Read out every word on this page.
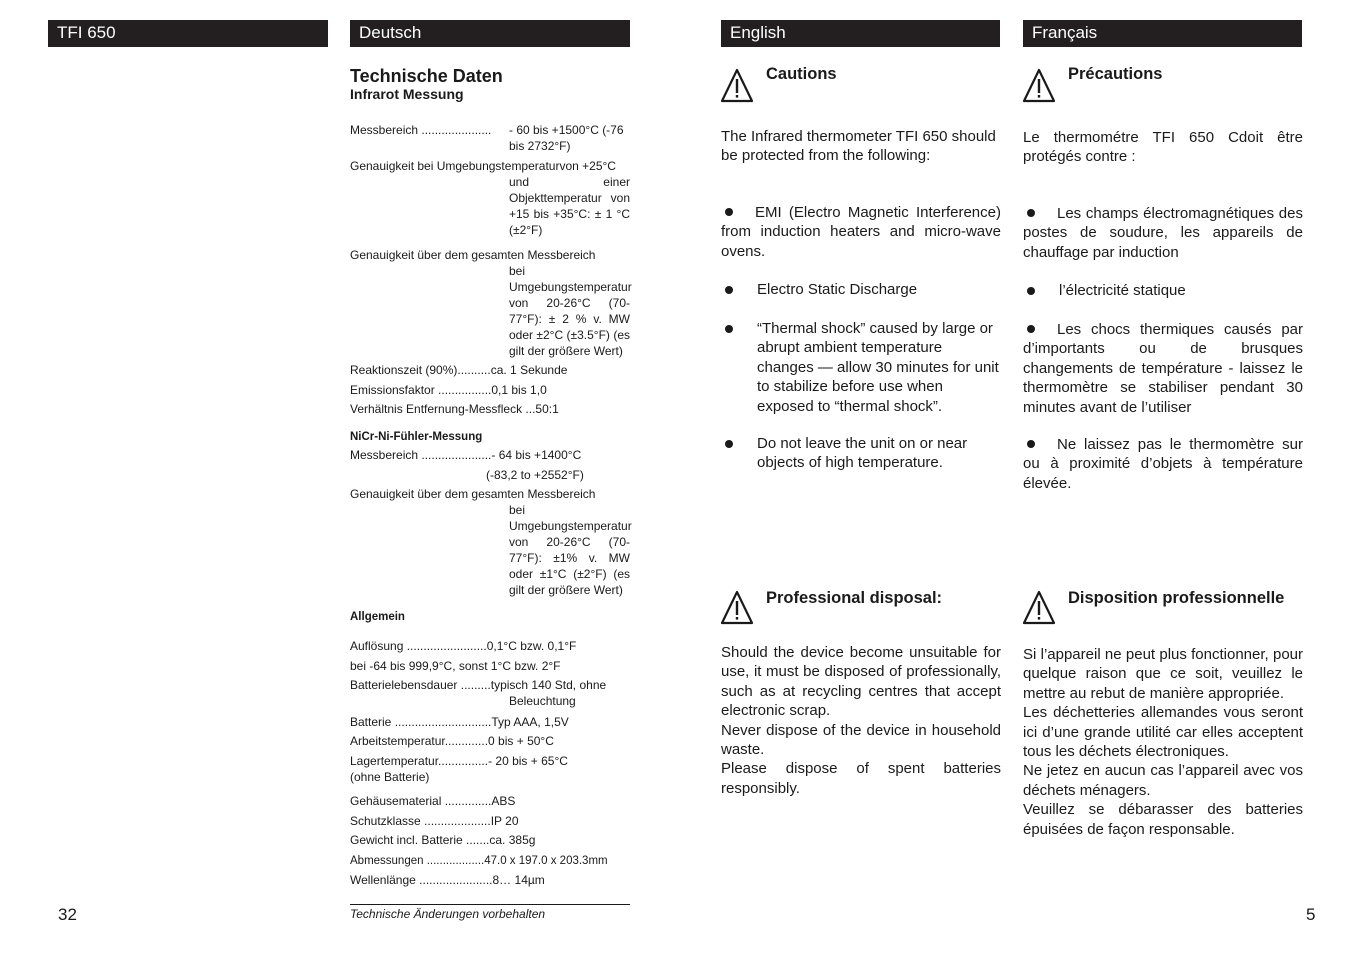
TFI 650	Deutsch	English	Français
32	5
Technische Daten
Infrarot Messung
Messbereich .....................	- 60 bis +1500°C (-76 bis 2732°F)
Genauigkeit bei Umgebungstemperaturvon +25°C
und einer Objekttemperatur von +15 bis +35°C: ± 1 °C (±2°F)
Genauigkeit über dem gesamten Messbereich
bei Umgebungstemperatur von 20-26°C (70-77°F): ± 2 % v. MW oder ±2°C (±3.5°F) (es gilt der größere Wert)
Reaktionszeit (90%)..........ca. 1 Sekunde
Emissionsfaktor ................0,1 bis 1,0
Verhältnis Entfernung-Messfleck ...50:1
NiCr-Ni-Fühler-Messung
Messbereich .....................- 64 bis +1400°C
(-83,2 to +2552°F)
Genauigkeit über dem gesamten Messbereich
bei Umgebungstemperatur von 20-26°C (70-77°F): ±1% v. MW oder ±1°C (±2°F) (es gilt der größere Wert)
Allgemein
Auflösung ........................0,1°C bzw. 0,1°F
bei -64 bis 999,9°C, sonst 1°C bzw. 2°F
Batterielebensdauer .........typisch 140 Std, ohne
Beleuchtung
Batterie .............................Typ AAA, 1,5V
Arbeitstemperatur.............0 bis + 50°C
Lagertemperatur...............- 20 bis + 65°C
(ohne Batterie)
Gehäusematerial ..............ABS
Schutzklasse ....................IP 20
Gewicht incl. Batterie .......ca. 385g
Abmessungen ..................47.0 x 197.0 x 203.3mm
Wellenlänge ......................8… 14µm
Technische Änderungen vorbehalten
Cautions
The Infrared thermometer TFI 650 should be protected from the following:
EMI (Electro Magnetic Interference) from induction heaters and micro-wave ovens.
Electro Static Discharge
“Thermal shock” caused by large or abrupt ambient temperature changes — allow 30 minutes for unit to stabilize before use when exposed to “thermal shock”.
Do not leave the unit on or near objects of high temperature.
Professional disposal:
Should the device become unsuitable for use, it must be disposed of professionally, such as at recycling centres that accept electronic scrap.
Never dispose of the device in household waste.
Please dispose of spent batteries responsibly.
Précautions
Le thermométre TFI 650 Cdoit être protégés contre :
Les champs électromagnétiques des postes de soudure, les appareils de chauffage par induction
l’électricité statique
Les chocs thermiques causés par d’importants ou de brusques changements de température - laissez le thermomètre se stabiliser pendant 30 minutes avant de l’utiliser
Ne laissez pas le thermomètre sur ou à proximité d’objets à température élevée.
Disposition professionnelle
Si l’appareil ne peut plus fonctionner, pour quelque raison que ce soit, veuillez le mettre au rebut de manière appropriée.
Les déchetteries allemandes vous seront ici d’une grande utilité car elles acceptent tous les déchets électroniques.
Ne jetez en aucun cas l’appareil avec vos déchets ménagers.
Veuillez se débarasser des batteries épuisées de façon responsable.
